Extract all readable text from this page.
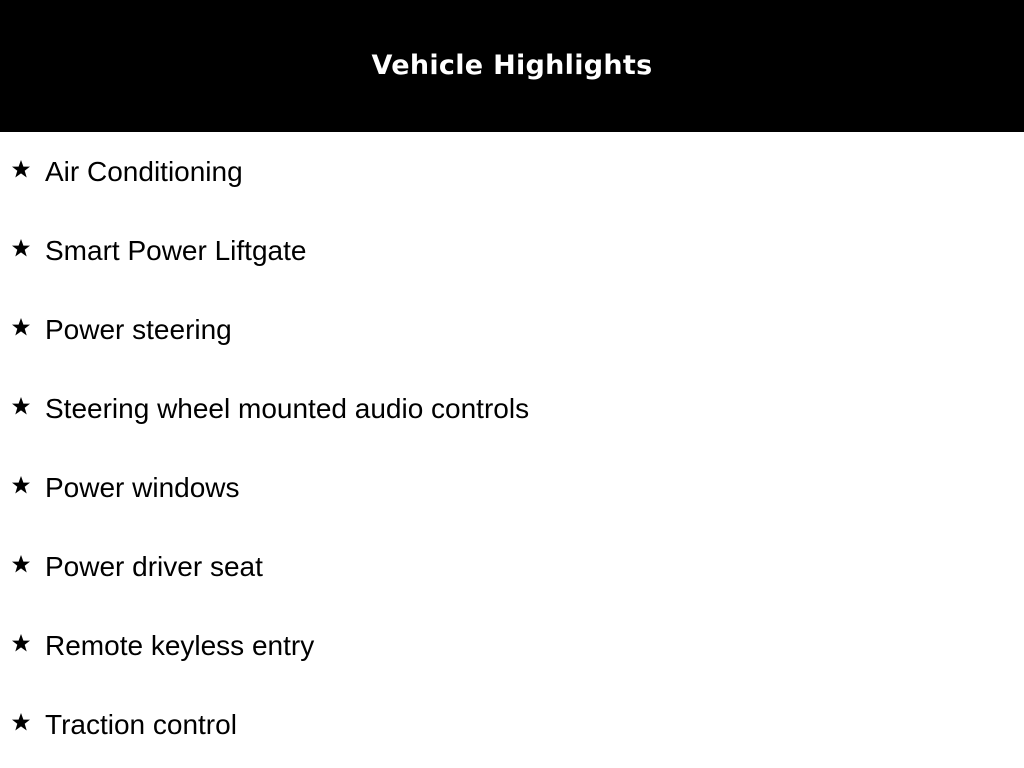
Vehicle Highlights
Air Conditioning
Smart Power Liftgate
Power steering
Steering wheel mounted audio controls
Power windows
Power driver seat
Remote keyless entry
Traction control
